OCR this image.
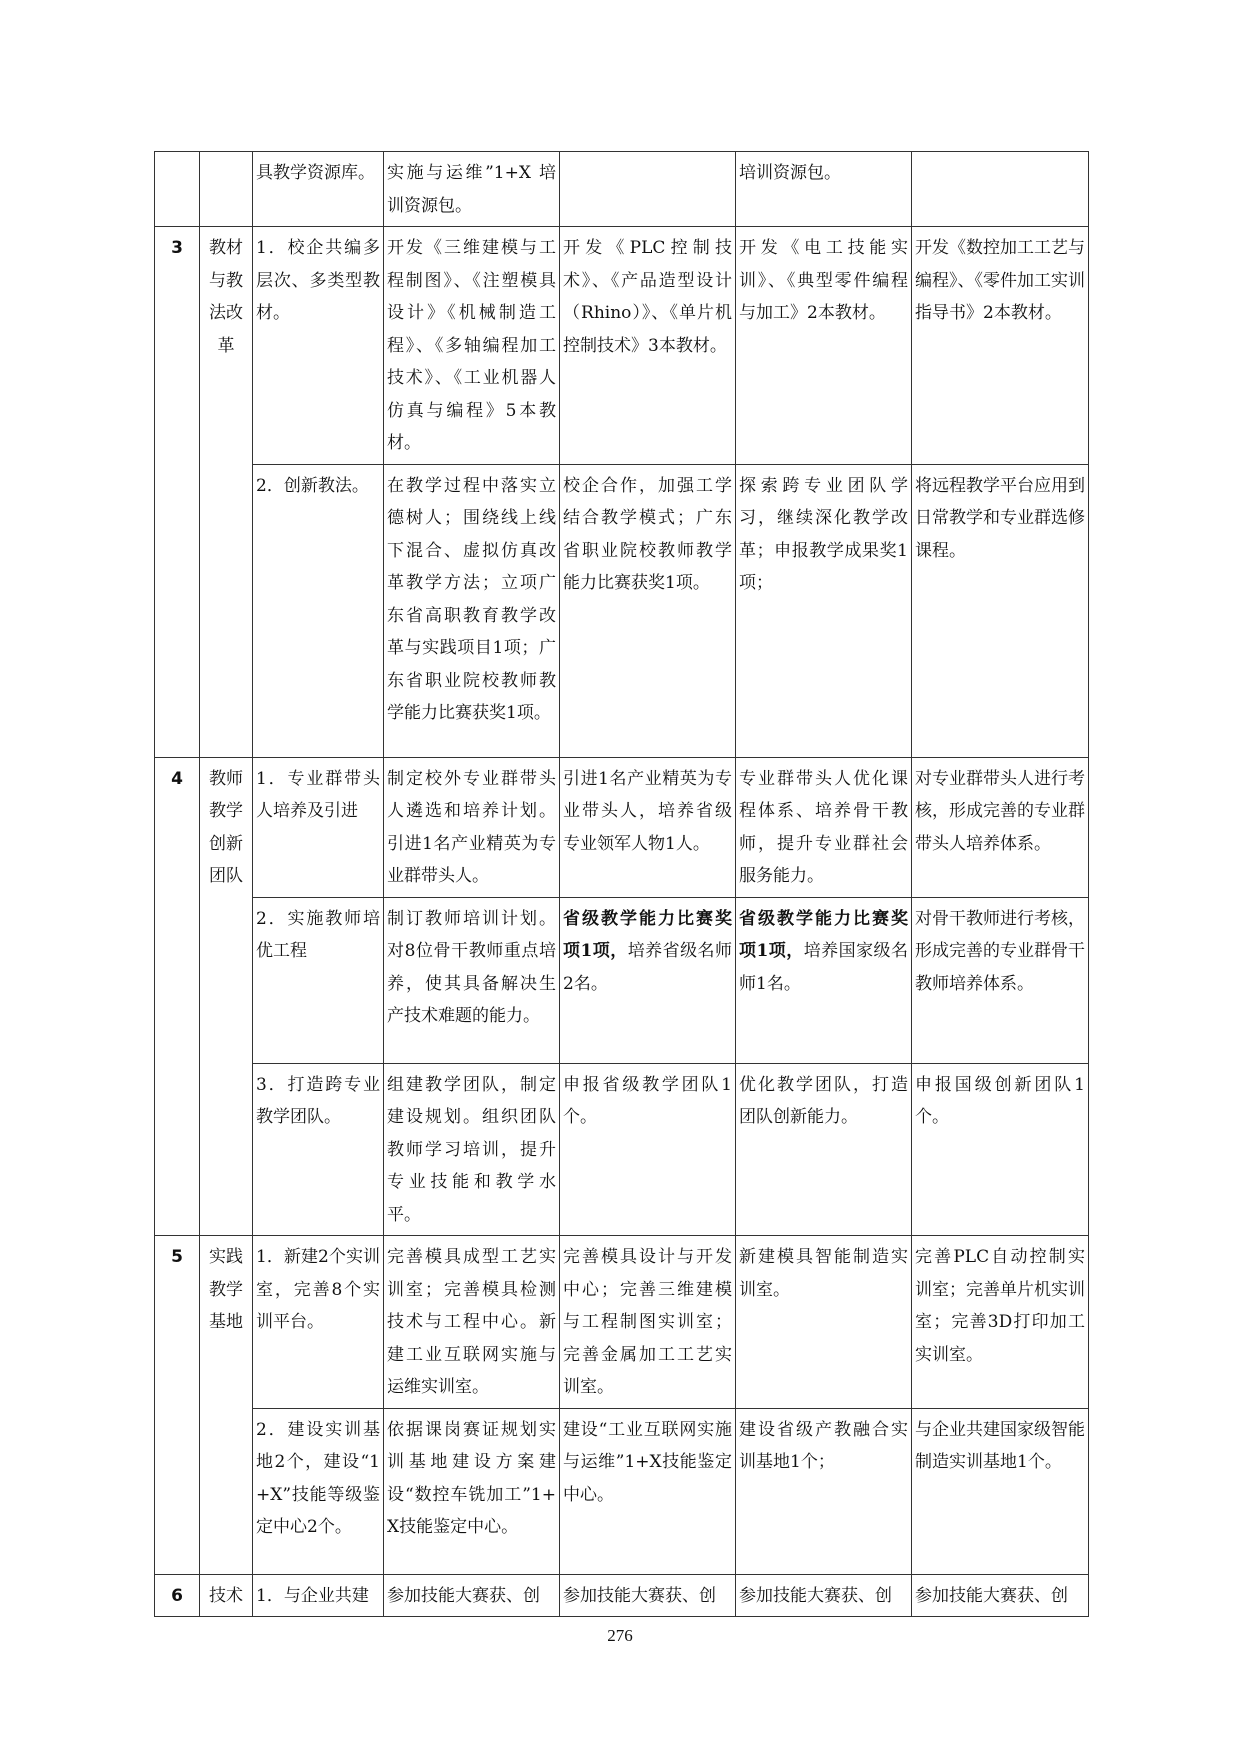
		具教学资源库。	实施与运维”1+X 培训资源包。		培训资源包。	
3	教材与教法改革	1．校企共编多层次、多类型教材。	开发《三维建模与工程制图》、《注塑模具设计》《机械制造工程》、《多轴编程加工技术》、《工业机器人仿真与编程》5本教材。	开发《PLC控制技术》、《产品造型设计（Rhino）》、《单片机控制技术》3本教材。	开发《电工技能实训》、《典型零件编程与加工》2本教材。	开发《数控加工工艺与编程》、《零件加工实训指导书》2本教材。
		2．创新教法。	在教学过程中落实立德树人；围绕线上线下混合、虚拟仿真改革教学方法；立项广东省高职教育教学改革与实践项目1项；广东省职业院校教师教学能力比赛获奖1项。	校企合作，加强工学结合教学模式；广东省职业院校教师教学能力比赛获奖1项。	探索跨专业团队学习，继续深化教学改革；申报教学成果奖1项；	将远程教学平台应用到日常教学和专业群选修课程。
4	教师教学创新团队	1．专业群带头人培养及引进	制定校外专业群带头人遴选和培养计划。引进1名产业精英为专业群带头人。	引进1名产业精英为专业带头人，培养省级专业领军人物1人。	专业群带头人优化课程体系、培养骨干教师，提升专业群社会服务能力。	对专业群带头人进行考核，形成完善的专业群带头人培养体系。
		2．实施教师培优工程	制订教师培训计划。对8位骨干教师重点培养，使其具备解决生产技术难题的能力。	省级教学能力比赛奖项1项，培养省级名师2名。	省级教学能力比赛奖项1项，培养国家级名师1名。	对骨干教师进行考核，形成完善的专业群骨干教师培养体系。
		3．打造跨专业教学团队。	组建教学团队，制定建设规划。组织团队教师学习培训，提升专业技能和教学水平。	申报省级教学团队1个。	优化教学团队，打造团队创新能力。	申报国级创新团队1个。
5	实践教学基地	1．新建2个实训室，完善8个实训平台。	完善模具成型工艺实训室；完善模具检测技术与工程中心。新建工业互联网实施与运维实训室。	完善模具设计与开发中心；完善三维建模与工程制图实训室；完善金属加工工艺实训室。	新建模具智能制造实训室。	完善PLC自动控制实训室；完善单片机实训室；完善3D打印加工实训室。
		2．建设实训基地2个，建设“1+X”技能等级鉴定中心2个。	依据课岗赛证规划实训基地建设方案建设“数控车铣加工”1+X技能鉴定中心。	建设“工业互联网实施与运维”1+X技能鉴定中心。	建设省级产教融合实训基地1个；	与企业共建国家级智能制造实训基地1个。
6	技术	1．与企业共建	参加技能大赛获、创	参加技能大赛获、创	参加技能大赛获、创	参加技能大赛获、创
276
